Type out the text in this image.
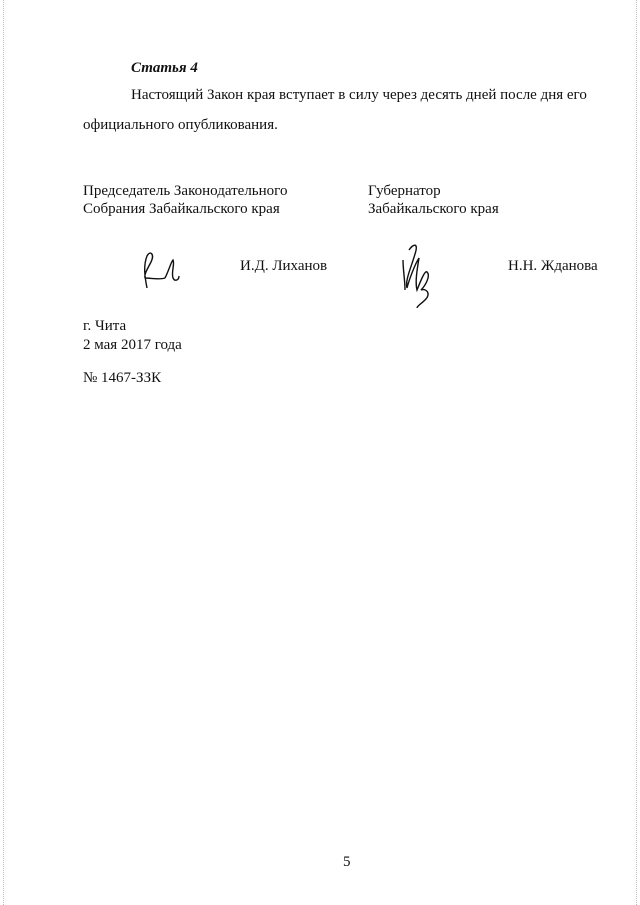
Статья 4
Настоящий Закон края вступает в силу через десять дней после дня его
официального опубликования.
Председатель Законодательного
Собрания Забайкальского края
Губернатор
Забайкальского края
И.Д. Лиханов	Н.Н. Жданова
г. Чита
2 мая 2017 года
№ 1467-ЗЗК
5
